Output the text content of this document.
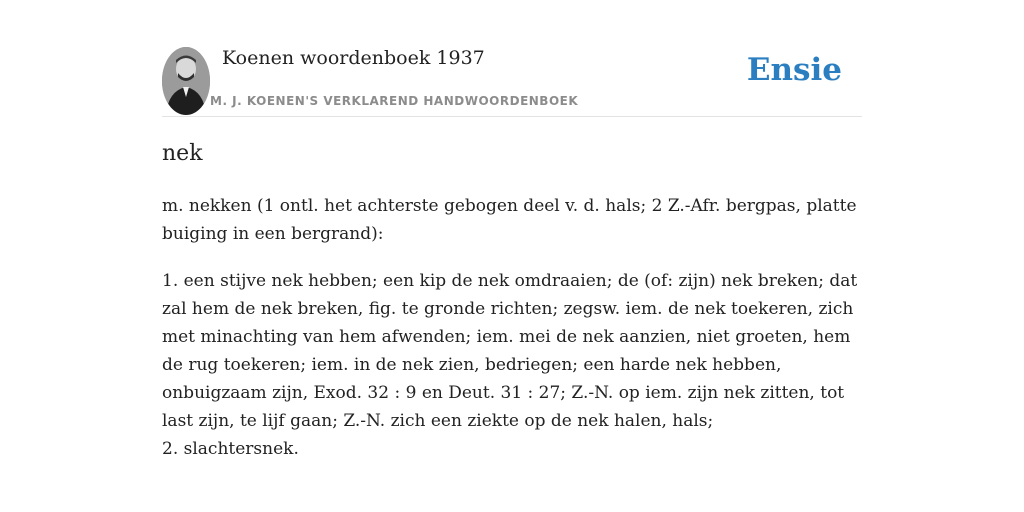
Koenen woordenboek 1937
M. J. KOENEN'S VERKLAREND HANDWOORDENBOEK
Ensie
nek

m. nekken (1 ontl. het achterste gebogen deel v. d. hals; 2 Z.-Afr. bergpas, platte buiging in een bergrand):

1. een stijve nek hebben; een kip de nek omdraaien; de (of: zijn) nek breken; dat zal hem de nek breken, fig. te gronde richten; zegsw. iem. de nek toekeren, zich met minachting van hem afwenden; iem. mei de nek aanzien, niet groeten, hem de rug toekeren; iem. in de nek zien, bedriegen; een harde nek hebben, onbuigzaam zijn, Exod. 32 : 9 en Deut. 31 : 27; Z.-N. op iem. zijn nek zitten, tot last zijn, te lijf gaan; Z.-N. zich een ziekte op de nek halen, hals;
2. slachtersnek.
